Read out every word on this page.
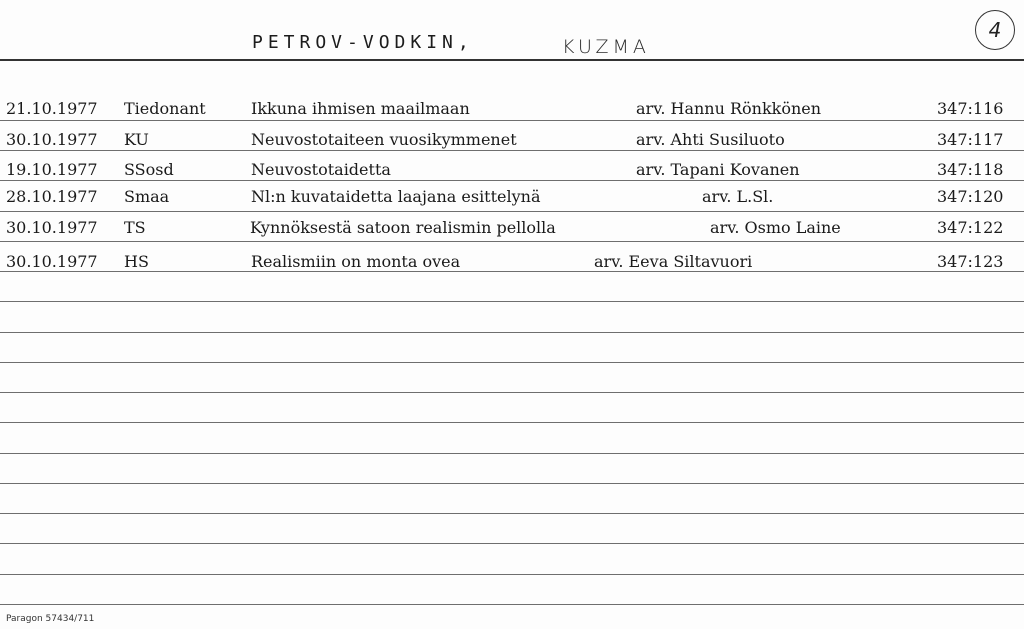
PETROV-VODKIN,	KUZMA
4
21.10.1977 Tiedonant	Ikkuna ihmisen maailmaan	arv. Hannu Rönkkönen	347:116
30.10.1977 KU	Neuvostotaiteen vuosikymmenet	arv. Ahti Susiluoto	347:117
19.10.1977 SSosd	Neuvostotaidetta	arv. Tapani Kovanen	347:118
28.10.1977 Smaa	Nl:n kuvataidetta laajana esittelynä	arv. L.Sl.	347:120
30.10.1977 TS	Kynnöksestä satoon realismin pellolla	arv. Osmo Laine	347:122
30.10.1977 HS	Realismiin on monta ovea	arv. Eeva Siltavuori	347:123
Paragon 57434/711
